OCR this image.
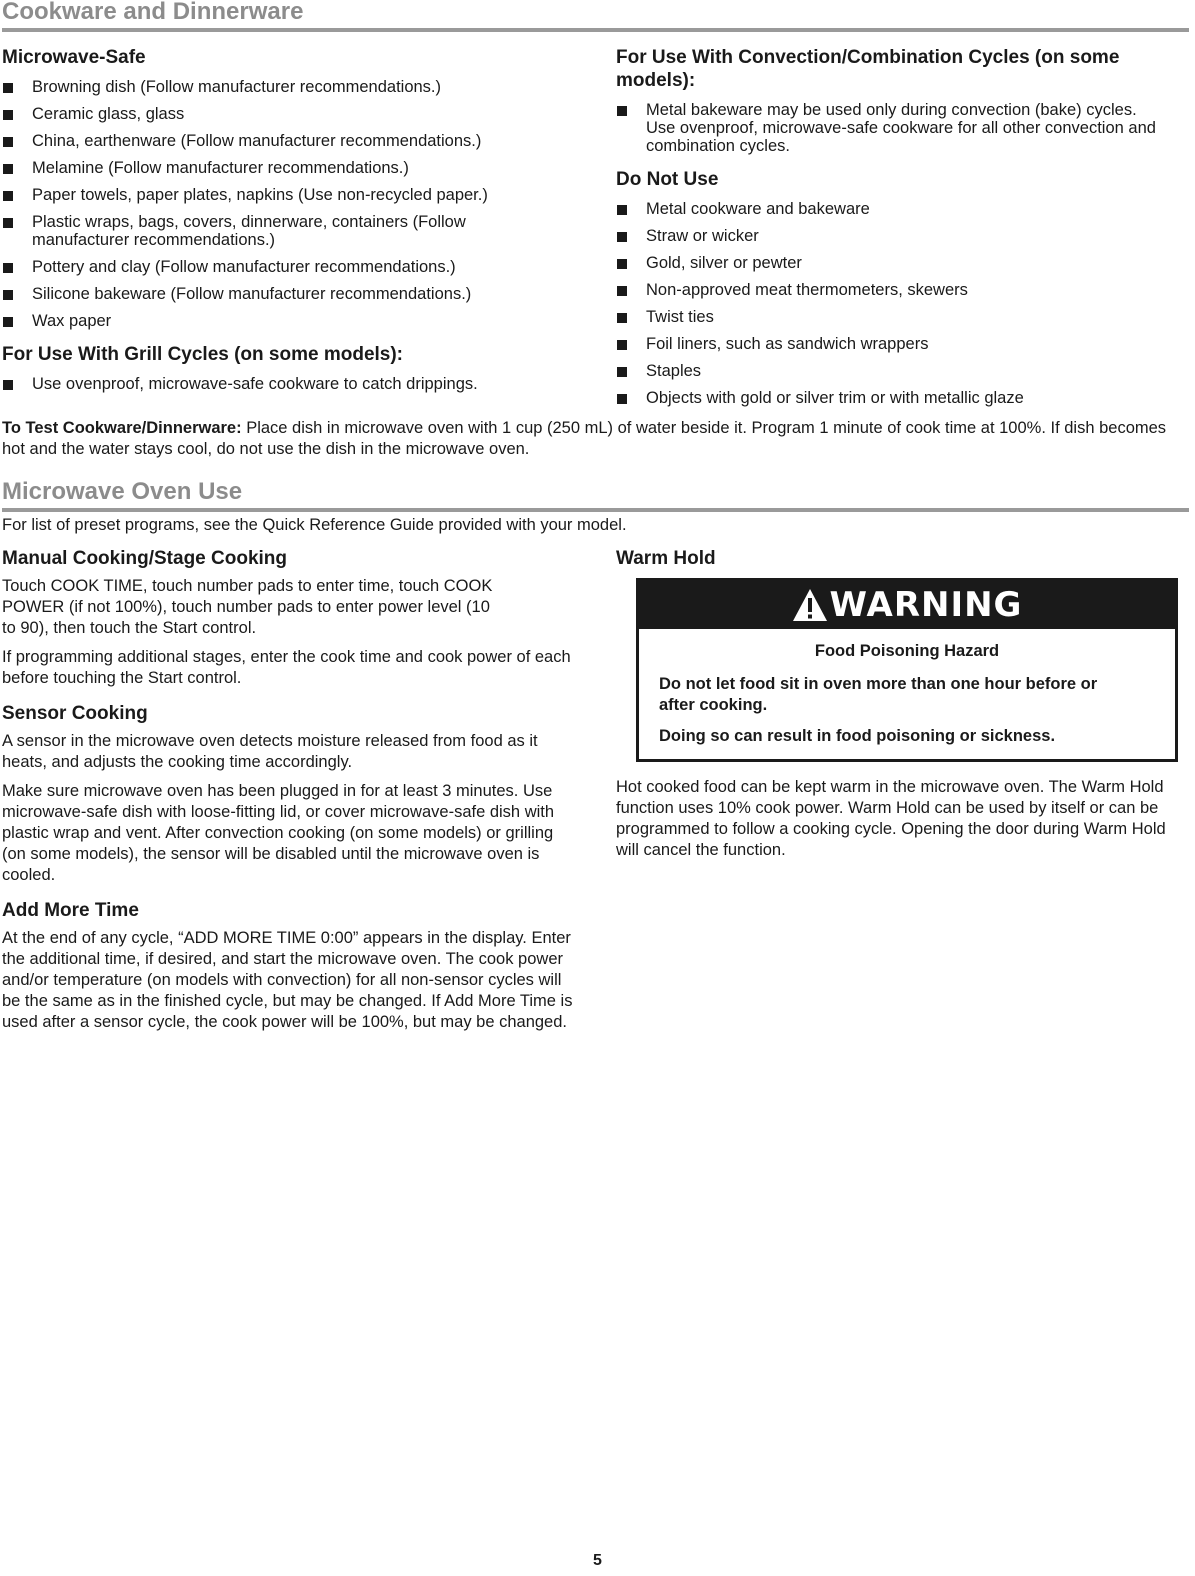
Cookware and Dinnerware
Microwave-Safe
Browning dish (Follow manufacturer recommendations.)
Ceramic glass, glass
China, earthenware (Follow manufacturer recommendations.)
Melamine (Follow manufacturer recommendations.)
Paper towels, paper plates, napkins (Use non-recycled paper.)
Plastic wraps, bags, covers, dinnerware, containers (Follow manufacturer recommendations.)
Pottery and clay (Follow manufacturer recommendations.)
Silicone bakeware (Follow manufacturer recommendations.)
Wax paper
For Use With Grill Cycles (on some models):
Use ovenproof, microwave-safe cookware to catch drippings.
For Use With Convection/Combination Cycles (on some models):
Metal bakeware may be used only during convection (bake) cycles. Use ovenproof, microwave-safe cookware for all other convection and combination cycles.
Do Not Use
Metal cookware and bakeware
Straw or wicker
Gold, silver or pewter
Non-approved meat thermometers, skewers
Twist ties
Foil liners, such as sandwich wrappers
Staples
Objects with gold or silver trim or with metallic glaze
To Test Cookware/Dinnerware: Place dish in microwave oven with 1 cup (250 mL) of water beside it. Program 1 minute of cook time at 100%. If dish becomes hot and the water stays cool, do not use the dish in the microwave oven.
Microwave Oven Use
For list of preset programs, see the Quick Reference Guide provided with your model.
Manual Cooking/Stage Cooking

Touch COOK TIME, touch number pads to enter time, touch COOK POWER (if not 100%), touch number pads to enter power level (10 to 90), then touch the Start control.

If programming additional stages, enter the cook time and cook power of each before touching the Start control.

Sensor Cooking

A sensor in the microwave oven detects moisture released from food as it heats, and adjusts the cooking time accordingly.

Make sure microwave oven has been plugged in for at least 3 minutes. Use microwave-safe dish with loose-fitting lid, or cover microwave-safe dish with plastic wrap and vent. After convection cooking (on some models) or grilling (on some models), the sensor will be disabled until the microwave oven is cooled.

Add More Time

At the end of any cycle, “ADD MORE TIME 0:00” appears in the display. Enter the additional time, if desired, and start the microwave oven. The cook power and/or temperature (on models with convection) for all non-sensor cycles will be the same as in the finished cycle, but may be changed. If Add More Time is used after a sensor cycle, the cook power will be 100%, but may be changed.

Warm Hold
WARNING

Food Poisoning Hazard

Do not let food sit in oven more than one hour before or after cooking.

Doing so can result in food poisoning or sickness.

Hot cooked food can be kept warm in the microwave oven. The Warm Hold function uses 10% cook power. Warm Hold can be used by itself or can be programmed to follow a cooking cycle. Opening the door during Warm Hold will cancel the function.

5
